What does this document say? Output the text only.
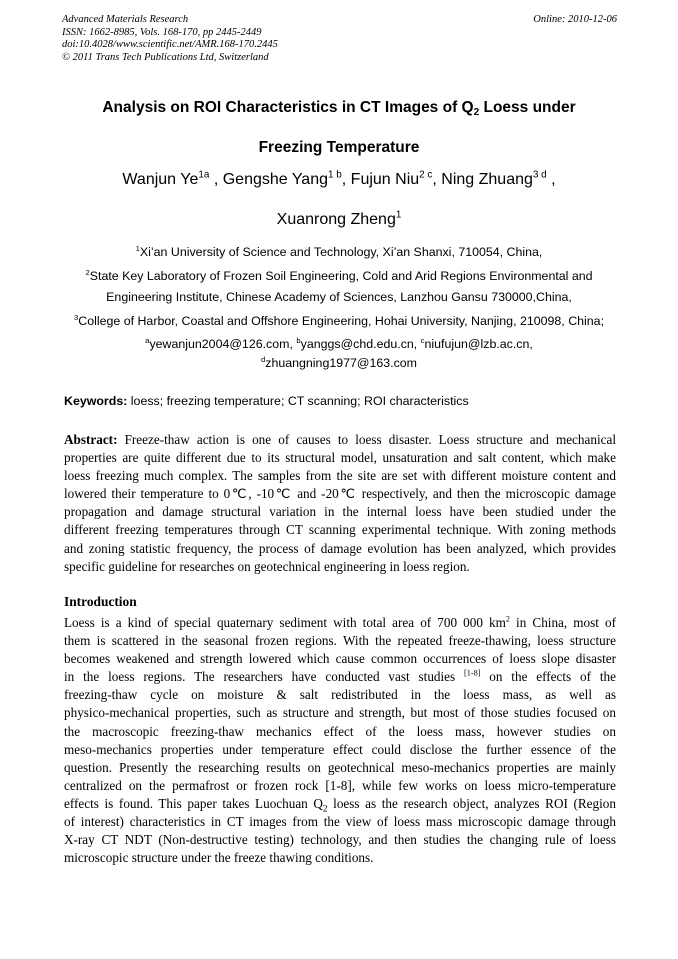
Advanced Materials Research
ISSN: 1662-8985, Vols. 168-170, pp 2445-2449
doi:10.4028/www.scientific.net/AMR.168-170.2445
© 2011 Trans Tech Publications Ltd, Switzerland
Online: 2010-12-06
Analysis on ROI Characteristics in CT Images of $Q_2$ Loess under
Freezing Temperature
Wanjun $Ye^{1a}$ , Gengshe Yang$^{1 b}$, Fujun Niu$^{2 c}$, Ning Zhuang$^{3 d}$ ,
Xuanrong Zheng$^1$
$^1$Xi’an University of Science and Technology, Xi’an Shanxi, 710054, China,
$^2$State Key Laboratory of Frozen Soil Engineering, Cold and Arid Regions Environmental and
Engineering Institute, Chinese Academy of Sciences, Lanzhou Gansu 730000,China,
$^3$College of Harbor, Coastal and Offshore Engineering, Hohai University, Nanjing, 210098, China;
$^a$yewanjun2004@126.com, $^b$yanggs@chd.edu.cn, $^c$niufujun@lzb.ac.cn,
$^d$zhuangning1977@163.com
Keywords: loess; freezing temperature; CT scanning; ROI characteristics
Abstract: Freeze-thaw action is one of causes to loess disaster. Loess structure and mechanical
properties are quite different due to its structural model, unsaturation and salt content, which make
loess freezing much complex. The samples from the site are set with different moisture content and
lowered their temperature to 0℃, -10℃ and -20℃ respectively, and then the microscopic damage
propagation and damage structural variation in the internal loess have been studied under the
different freezing temperatures through CT scanning experimental technique. With zoning methods
and zoning statistic frequency, the process of damage evolution has been analyzed, which provides
specific guideline for researches on geotechnical engineering in loess region.
Introduction
Loess is a kind of special quaternary sediment with total area of 700 000 $km^2$ in China, most of
them is scattered in the seasonal frozen regions. With the repeated freeze-thawing, loess structure
becomes weakened and strength lowered which cause common occurrences of loess slope disaster
in the loess regions. The researchers have conducted vast studies [1-8] on the effects of the
freezing-thaw cycle on moisture & salt redistributed in the loess mass, as well as
physico-mechanical properties, such as structure and strength, but most of those studies focused on
the macroscopic freezing-thaw mechanics effect of the loess mass, however studies on
meso-mechanics properties under temperature effect could disclose the further essence of the
question. Presently the researching results on geotechnical meso-mechanics properties are mainly
centralized on the permafrost or frozen rock [1-8], while few works on loess micro-temperature
effects is found. This paper takes Luochuan $Q_2$ loess as the research object, analyzes ROI (Region
of interest) characteristics in CT images from the view of loess mass microscopic damage through
X-ray CT NDT (Non-destructive testing) technology, and then studies the changing rule of loess
microscopic structure under the freeze thawing conditions.
